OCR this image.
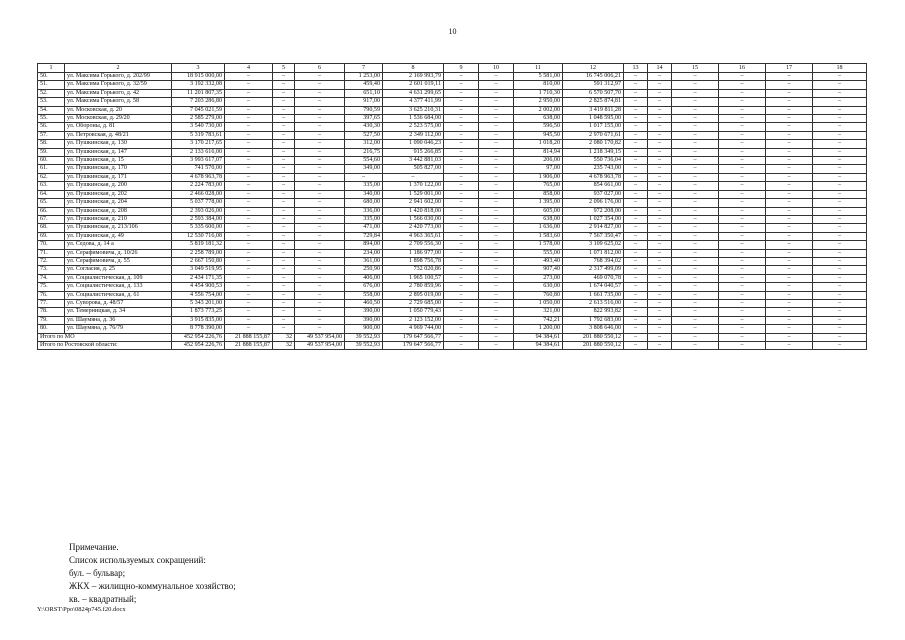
10
1	2	3	4	5	6	7	8	9	10	11	12	13	14	15	16	17	18
50.	ул. Максима Горького, д. 202/99	18 915 000,00	–	–	–	1 253,00	2 169 993,79	–	–	5 581,00	16 745 006,21	–	–	–	–	–	–
51.	ул. Максима Горького, д. 32/59	3 192 332,08	–	–	–	459,40	2 601 019,11	–	–	810,00	591 312,97	–	–	–	–	–	–
52.	ул. Максима Горького, д. 42	11 201 807,35	–	–	–	651,10	4 631 299,65	–	–	1 710,30	6 570 507,70	–	–	–	–	–	–
53.	ул. Максима Горького, д. 58	7 203 286,80	–	–	–	917,00	4 377 411,99	–	–	2 950,00	2 825 874,81	–	–	–	–	–	–
54.	ул. Московская, д. 20	7 045 021,59	–	–	–	790,59	3 625 210,31	–	–	2 002,00	3 419 811,28	–	–	–	–	–	–
55.	ул. Московская, д. 29/20	2 585 279,00	–	–	–	397,65	1 536 684,00	–	–	638,00	1 048 595,00	–	–	–	–	–	–
56.	ул. Обороны, д. 81	3 540 730,00	–	–	–	430,30	2 523 575,00	–	–	596,50	1 017 155,00	–	–	–	–	–	–
57.	ул. Петровская, д. 48/21	5 319 783,61	–	–	–	527,50	2 349 112,00	–	–	945,50	2 970 671,61	–	–	–	–	–	–
58.	ул. Пушкинская, д. 130	3 170 217,65	–	–	–	312,00	1 090 046,23	–	–	1 018,20	2 080 170,82	–	–	–	–	–	–
59.	ул. Пушкинская, д. 147	2 133 616,00	–	–	–	216,75	915 266,85	–	–	814,94	1 218 349,15	–	–	–	–	–	–
60.	ул. Пушкинская, д. 15	3 993 617,07	–	–	–	554,60	3 442 881,03	–	–	206,00	550 736,04	–	–	–	–	–	–
61.	ул. Пушкинская, д. 170	741 570,00	–	–	–	349,00	505 827,00	–	–	97,00	235 743,00	–	–	–	–	–	–
62.	ул. Пушкинская, д. 171	4 678 963,78	–	–	–	–	–	–	–	1 906,00	4 678 963,78	–	–	–	–	–	–
63.	ул. Пушкинская, д. 200	2 224 783,00	–	–	–	335,00	1 370 122,00	–	–	765,00	854 661,00	–	–	–	–	–	–
64.	ул. Пушкинская, д. 202	2 466 028,00	–	–	–	340,00	1 529 001,00	–	–	858,00	937 027,00	–	–	–	–	–	–
65.	ул. Пушкинская, д. 204	5 037 778,00	–	–	–	680,00	2 941 602,00	–	–	1 395,00	2 096 176,00	–	–	–	–	–	–
66.	ул. Пушкинская, д. 208	2 393 026,00	–	–	–	336,00	1 420 818,00	–	–	605,00	972 208,00	–	–	–	–	–	–
67.	ул. Пушкинская, д. 210	2 593 384,00	–	–	–	335,00	1 566 030,00	–	–	638,00	1 027 354,00	–	–	–	–	–	–
68.	ул. Пушкинская, д. 213/106	5 335 600,00	–	–	–	471,00	2 420 773,00	–	–	1 636,00	2 914 827,00	–	–	–	–	–	–
69.	ул. Пушкинская, д. 49	12 530 716,08	–	–	–	729,84	4 963 365,61	–	–	1 583,60	7 567 350,47	–	–	–	–	–	–
70.	ул. Седова, д. 14 а	5 819 181,32	–	–	–	894,00	2 709 556,30	–	–	1 578,00	3 109 625,02	–	–	–	–	–	–
71.	ул. Серафимовича, д. 10/26	2 258 789,00	–	–	–	234,00	1 186 977,00	–	–	555,00	1 071 812,00	–	–	–	–	–	–
72.	ул. Серафимовича, д. 55	2 667 150,80	–	–	–	361,00	1 898 756,78	–	–	493,40	768 394,02	–	–	–	–	–	–
73.	ул. Согласия, д. 25	3 049 519,95	–	–	–	250,90	732 020,86	–	–	907,40	2 317 499,09	–	–	–	–	–	–
74.	ул. Социалистическая, д. 109	2 434 171,35	–	–	–	406,00	1 965 100,57	–	–	273,00	469 070,78	–	–	–	–	–	–
75.	ул. Социалистическая, д. 133	4 454 900,53	–	–	–	676,00	2 780 859,96	–	–	630,00	1 674 040,57	–	–	–	–	–	–
76.	ул. Социалистическая, д. 61	4 556 754,00	–	–	–	558,00	2 895 019,00	–	–	760,80	1 661 735,00	–	–	–	–	–	–
77.	ул. Суворова, д. 48/57	5 343 201,00	–	–	–	460,50	2 729 685,00	–	–	1 050,00	2 613 516,00	–	–	–	–	–	–
78.	ул. Темерницкая, д. 34	1 873 773,25	–	–	–	390,00	1 050 779,43	–	–	321,00	822 993,82	–	–	–	–	–	–
79.	ул. Шаумяна, д. 36	3 915 835,00	–	–	–	390,00	2 123 152,00	–	–	742,21	1 792 683,00	–	–	–	–	–	–
80.	ул. Шаумяна, д. 76/79	8 778 390,00	–	–	–	900,00	4 969 744,00	–	–	1 200,00	3 808 646,00	–	–	–	–	–	–
Итого по МО		452 954 226,76	21 888 155,87	32	49 537 954,00	39 552,93	179 647 566,77	–	–	94 384,61	201 880 550,12	–	–	–	–	–	–
Итого по Ростовской области:		452 954 226,76	21 888 155,87	32	49 537 954,00	39 552,93	179 647 566,77	–	–	94 384,61	201 880 550,12	–	–	–	–	–	–
Примечание.
Список используемых сокращений:
бул. – бульвар;
ЖКХ – жилищно-коммунальное хозяйство;
кв. – квадратный;
Y:\ORST\Ppo\0824p745.f20.docx
